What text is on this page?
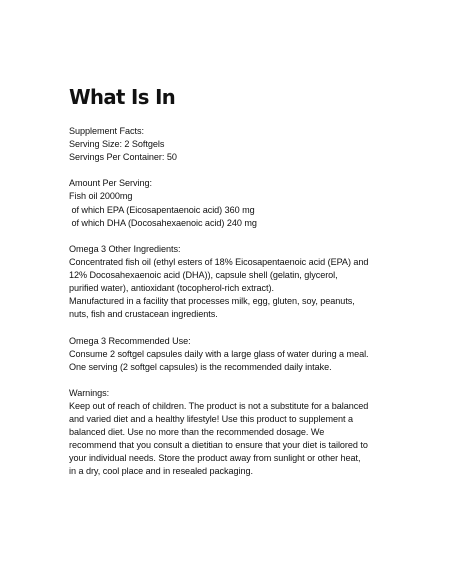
What Is In
Supplement Facts:
Serving Size: 2 Softgels
Servings Per Container: 50
Amount Per Serving:
Fish oil 2000mg
of which EPA (Eicosapentaenoic acid) 360 mg
of which DHA (Docosahexaenoic acid) 240 mg
Omega 3 Other Ingredients:
Concentrated fish oil (ethyl esters of 18% Eicosapentaenoic acid (EPA) and
12% Docosahexaenoic acid (DHA)), capsule shell (gelatin, glycerol,
purified water), antioxidant (tocopherol-rich extract).
Manufactured in a facility that processes milk, egg, gluten, soy, peanuts,
nuts, fish and crustacean ingredients.
Omega 3 Recommended Use:
Consume 2 softgel capsules daily with a large glass of water during a meal.
One serving (2 softgel capsules) is the recommended daily intake.
Warnings:
Keep out of reach of children. The product is not a substitute for a balanced
and varied diet and a healthy lifestyle! Use this product to supplement a
balanced diet. Use no more than the recommended dosage. We
recommend that you consult a dietitian to ensure that your diet is tailored to
your individual needs. Store the product away from sunlight or other heat,
in a dry, cool place and in resealed packaging.
